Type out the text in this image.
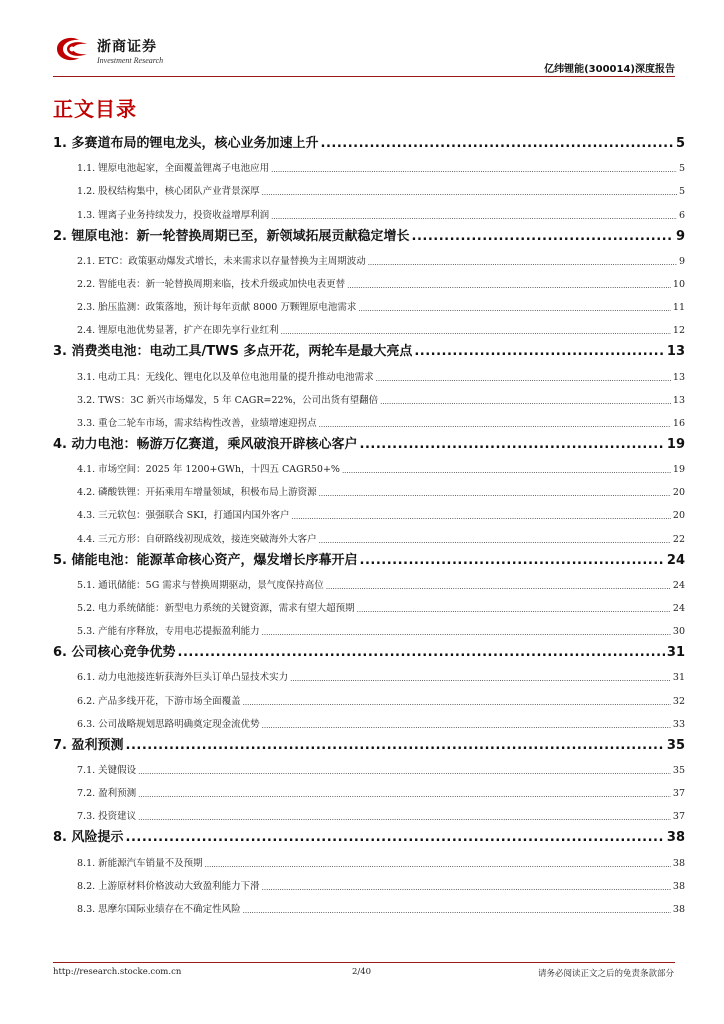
浙商证券
Investment Research
亿纬锂能(300014)深度报告
正文目录
1. 多赛道布局的锂电龙头，核心业务加速上升 .....	5
1.1. 锂原电池起家，全面覆盖锂离子电池应用 .....	5
1.2. 股权结构集中，核心团队产业背景深厚 .....	5
1.3. 锂离子业务持续发力，投资收益增厚利润 .....	6
2. 锂原电池：新一轮替换周期已至，新领域拓展贡献稳定增长 .....	9
2.1. ETC：政策驱动爆发式增长，未来需求以存量替换为主周期波动 .....	9
2.2. 智能电表：新一轮替换周期来临，技术升级或加快电表更替 .....	10
2.3. 胎压监测：政策落地，预计每年贡献 8000 万颗锂原电池需求 .....	11
2.4. 锂原电池优势显著，扩产在即先享行业红利 .....	12
3. 消费类电池：电动工具/TWS 多点开花，两轮车是最大亮点 .....	13
3.1. 电动工具：无线化、锂电化以及单位电池用量的提升推动电池需求 .....	13
3.2. TWS：3C 新兴市场爆发，5 年 CAGR=22%，公司出货有望翻倍 .....	13
3.3. 重仓二轮车市场，需求结构性改善，业绩增速迎拐点 .....	16
4. 动力电池：畅游万亿赛道，乘风破浪开辟核心客户 .....	19
4.1. 市场空间：2025 年 1200+GWh，十四五 CAGR50+% .....	19
4.2. 磷酸铁锂：开拓乘用车增量领域，积极布局上游资源 .....	20
4.3. 三元软包：强强联合 SKI，打通国内国外客户 .....	20
4.4. 三元方形：自研路线初现成效，接连突破海外大客户 .....	22
5. 储能电池：能源革命核心资产，爆发增长序幕开启 .....	24
5.1. 通讯储能：5G 需求与替换周期驱动，景气度保持高位 .....	24
5.2. 电力系统储能：新型电力系统的关键资源，需求有望大超预期 .....	24
5.3. 产能有序释放，专用电芯提振盈利能力 .....	30
6. 公司核心竞争优势 .....	31
6.1. 动力电池接连斩获海外巨头订单凸显技术实力 .....	31
6.2. 产品多线开花，下游市场全面覆盖 .....	32
6.3. 公司战略规划思路明确奠定现金流优势 .....	33
7. 盈利预测 .....	35
7.1. 关键假设 .....	35
7.2. 盈利预测 .....	37
7.3. 投资建议 .....	37
8. 风险提示 .....	38
8.1. 新能源汽车销量不及预期 .....	38
8.2. 上游原材料价格波动大致盈利能力下滑 .....	38
8.3. 思摩尔国际业绩存在不确定性风险 .....	38
http://research.stocke.com.cn	2/40	请务必阅读正文之后的免责条款部分
